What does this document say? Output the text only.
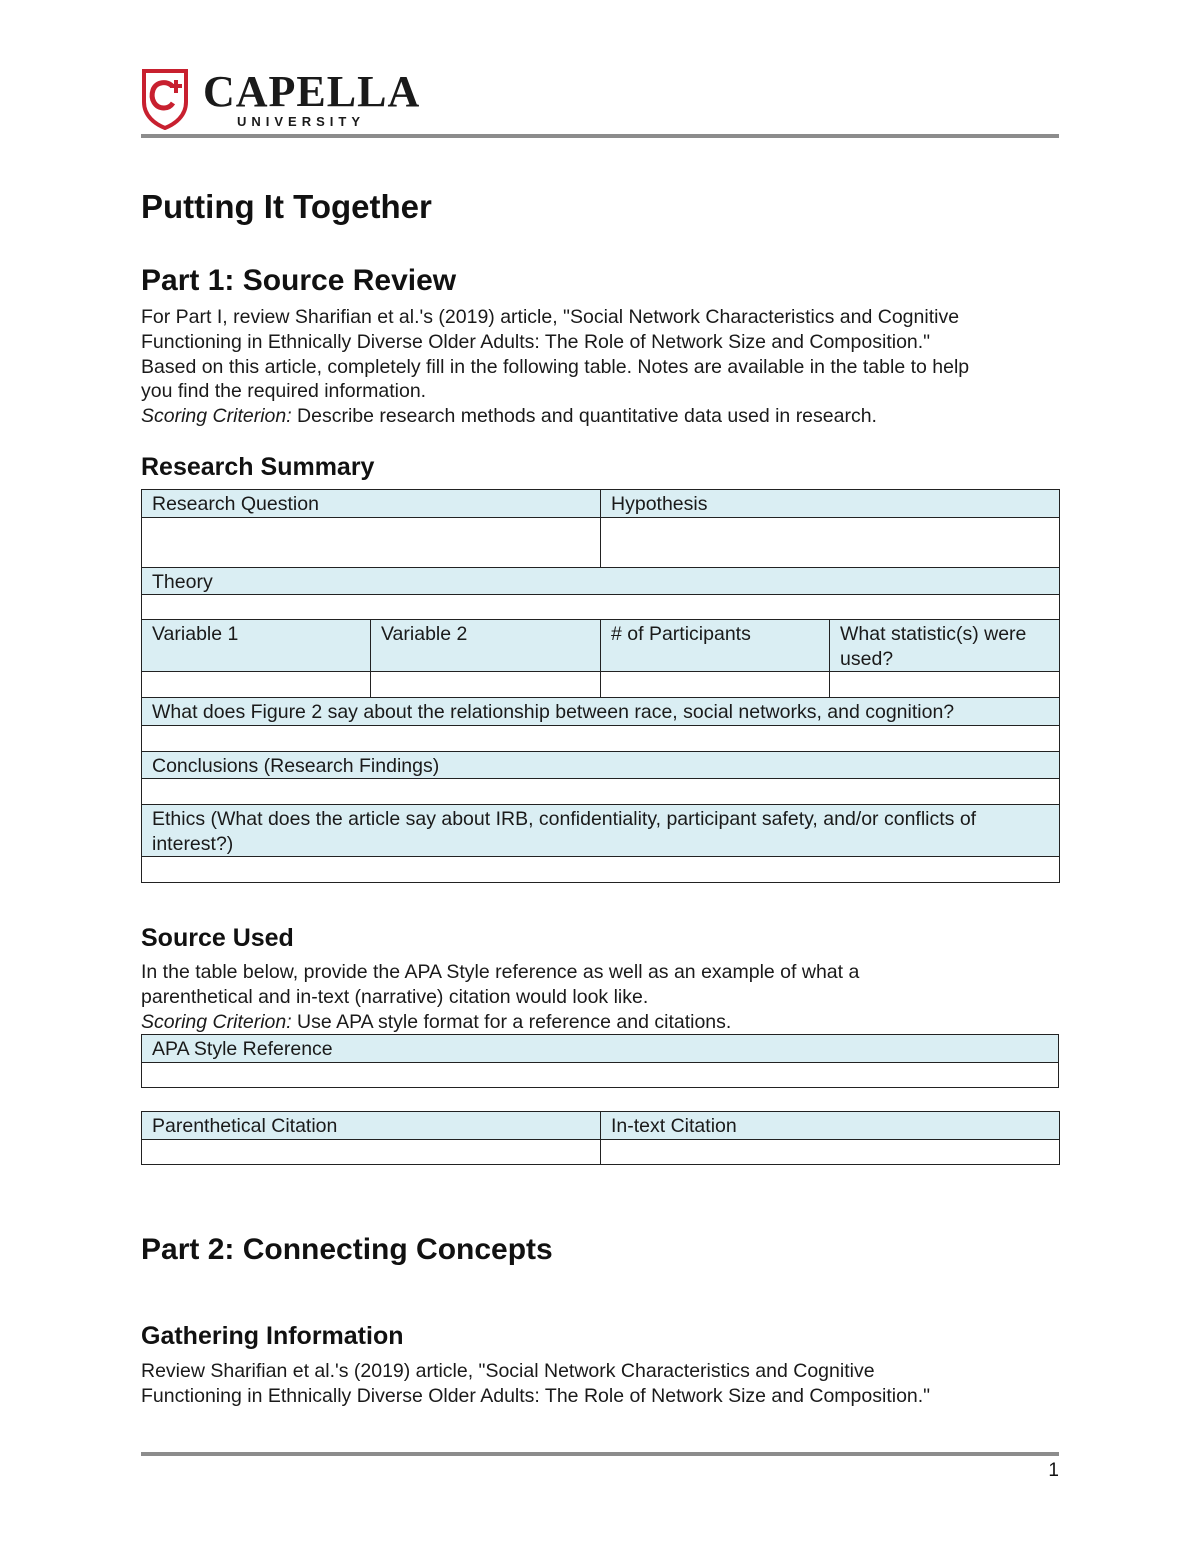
CAPELLA
UNIVERSITY
Putting It Together
Part 1: Source Review

For Part I, review Sharifian et al.'s (2019) article, "Social Network Characteristics and Cognitive

Functioning in Ethnically Diverse Older Adults: The Role of Network Size and Composition."

Based on this article, completely fill in the following table. Notes are available in the table to help

you find the required information.

Scoring Criterion: Describe research methods and quantitative data used in research.

Research Summary
Research Question		Hypothesis	

Theory			

Variable 1	Variable 2	# of Participants	What statistic(s) were used?

What does Figure 2 say about the relationship between race, social networks, and cognition?			

Conclusions (Research Findings)			

Ethics (What does the article say about IRB, confidentiality, participant safety, and/or conflicts of interest?)			

Source Used

In the table below, provide the APA Style reference as well as an example of what a

parenthetical and in-text (narrative) citation would look like.

Scoring Criterion: Use APA style format for a reference and citations.

APA Style Reference

Parenthetical Citation	In-text Citation

Part 2: Connecting Concepts
Gathering Information

Review Sharifian et al.'s (2019) article, "Social Network Characteristics and Cognitive

Functioning in Ethnically Diverse Older Adults: The Role of Network Size and Composition."

1
